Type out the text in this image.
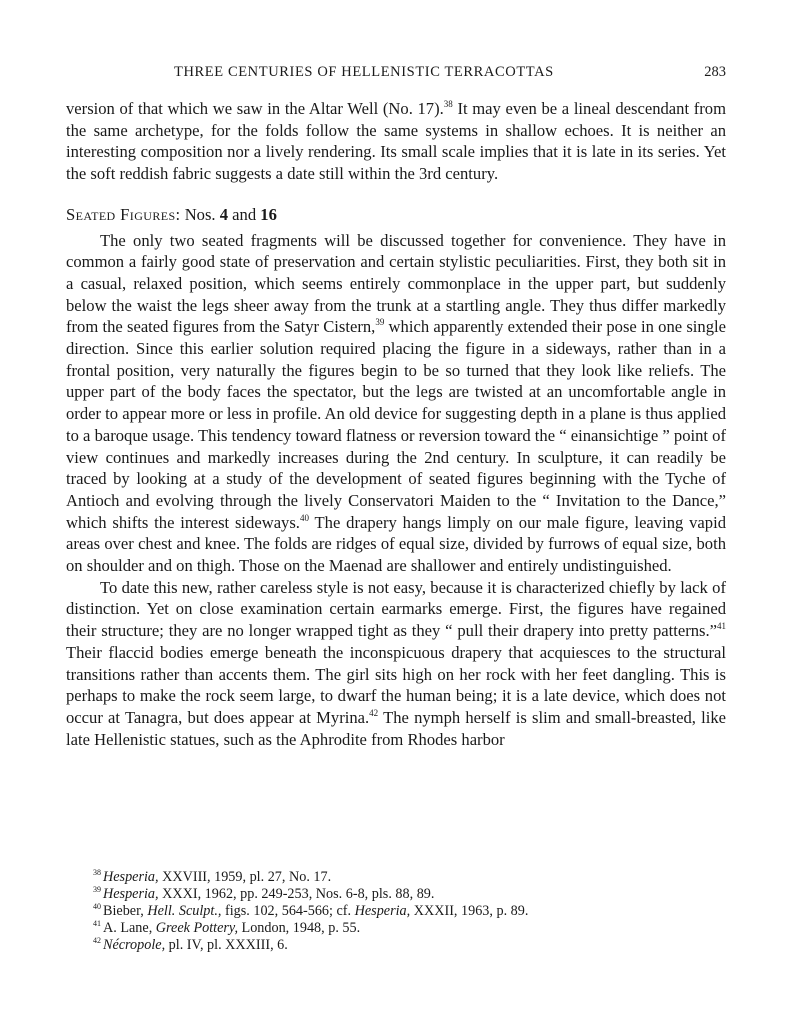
THREE CENTURIES OF HELLENISTIC TERRACOTTAS	283

version of that which we saw in the Altar Well (No. 17).$^{38}$ It may even be a lineal descendant from the same archetype, for the folds follow the same systems in shallow echoes. It is neither an interesting composition nor a lively rendering. Its small scale implies that it is late in its series. Yet the soft reddish fabric suggests a date still within the 3rd century.

Seated Figures: Nos. 4 and 16

The only two seated fragments will be discussed together for convenience. They have in common a fairly good state of preservation and certain stylistic peculiarities. First, they both sit in a casual, relaxed position, which seems entirely commonplace in the upper part, but suddenly below the waist the legs sheer away from the trunk at a startling angle. They thus differ markedly from the seated figures from the Satyr Cistern,$^{39}$ which apparently extended their pose in one single direction. Since this earlier solution required placing the figure in a sideways, rather than in a frontal position, very naturally the figures begin to be so turned that they look like reliefs. The upper part of the body faces the spectator, but the legs are twisted at an uncomfortable angle in order to appear more or less in profile. An old device for suggesting depth in a plane is thus applied to a baroque usage. This tendency toward flatness or reversion toward the “ einansichtige ” point of view continues and markedly increases during the 2nd century. In sculpture, it can readily be traced by looking at a study of the development of seated figures beginning with the Tyche of Antioch and evolving through the lively Conservatori Maiden to the “ Invitation to the Dance,” which shifts the interest sideways.$^{40}$ The drapery hangs limply on our male figure, leaving vapid areas over chest and knee. The folds are ridges of equal size, divided by furrows of equal size, both on shoulder and on thigh. Those on the Maenad are shallower and entirely undistinguished.

To date this new, rather careless style is not easy, because it is characterized chiefly by lack of distinction. Yet on close examination certain earmarks emerge. First, the figures have regained their structure; they are no longer wrapped tight as they “ pull their drapery into pretty patterns.”$^{41}$ Their flaccid bodies emerge beneath the inconspicuous drapery that acquiesces to the structural transitions rather than accents them. The girl sits high on her rock with her feet dangling. This is perhaps to make the rock seem large, to dwarf the human being; it is a late device, which does not occur at Tanagra, but does appear at Myrina.$^{42}$ The nymph herself is slim and small-breasted, like late Hellenistic statues, such as the Aphrodite from Rhodes harbor

$^{38}$ Hesperia, XXVIII, 1959, pl. 27, No. 17.

$^{39}$ Hesperia, XXXI, 1962, pp. 249-253, Nos. 6-8, pls. 88, 89.

$^{40}$ Bieber, Hell. Sculpt., figs. 102, 564-566; cf. Hesperia, XXXII, 1963, p. 89.

$^{41}$ A. Lane, Greek Pottery, London, 1948, p. 55.

$^{42}$ Nécropole, pl. IV, pl. XXXIII, 6.
